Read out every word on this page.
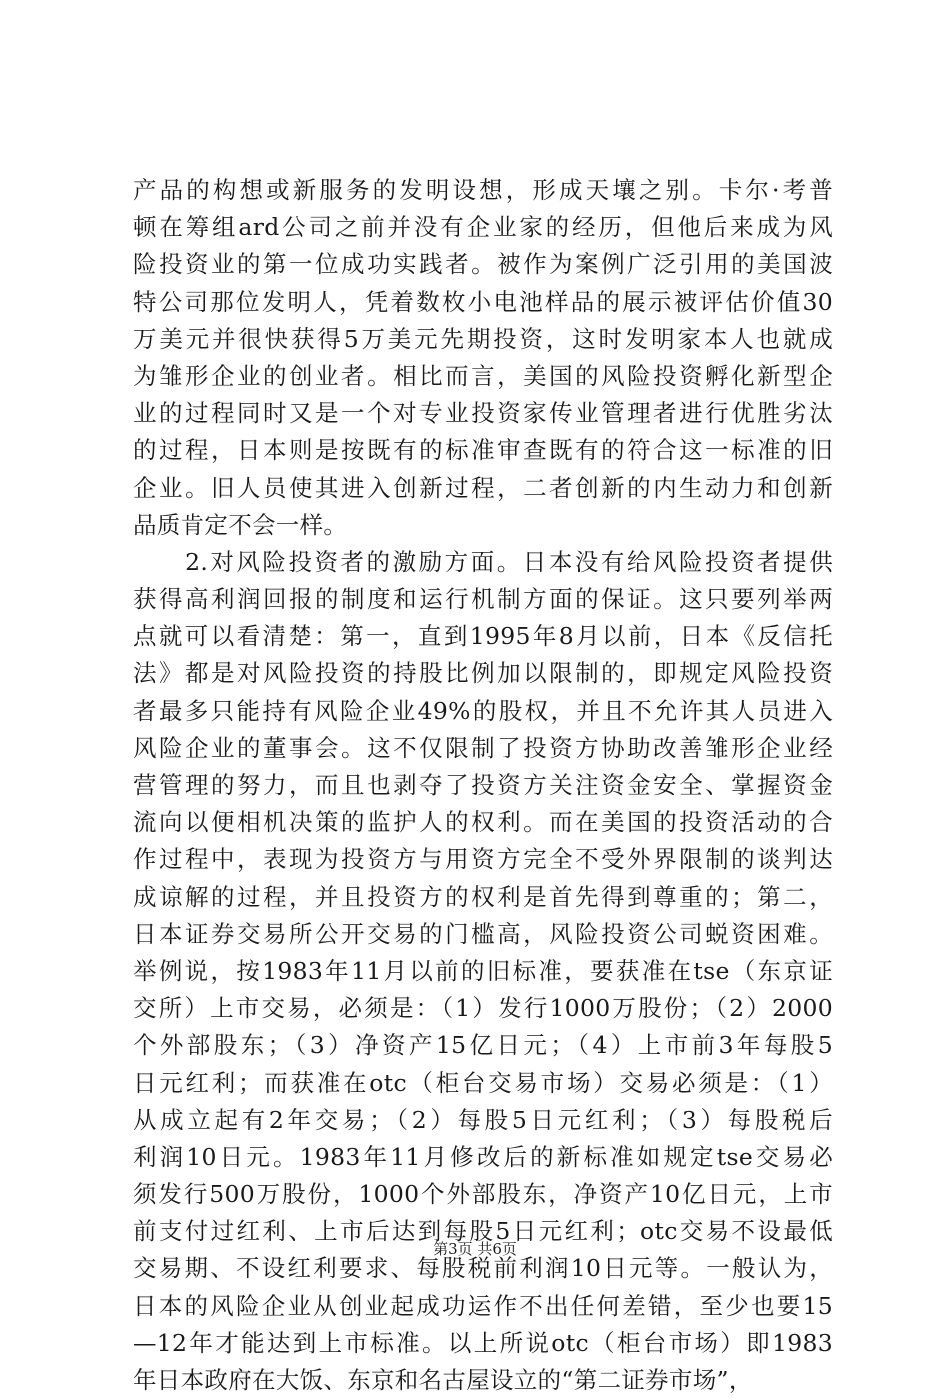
产品的构想或新服务的发明设想，形成天壤之别。卡尔·考普
顿在筹组ard公司之前并没有企业家的经历，但他后来成为风
险投资业的第一位成功实践者。被作为案例广泛引用的美国波
特公司那位发明人，凭着数枚小电池样品的展示被评估价值30
万美元并很快获得5万美元先期投资，这时发明家本人也就成
为雏形企业的创业者。相比而言，美国的风险投资孵化新型企
业的过程同时又是一个对专业投资家传业管理者进行优胜劣汰
的过程，日本则是按既有的标准审查既有的符合这一标准的旧
企业。旧人员使其进入创新过程，二者创新的内生动力和创新
品质肯定不会一样。
　　2.对风险投资者的激励方面。日本没有给风险投资者提供
获得高利润回报的制度和运行机制方面的保证。这只要列举两
点就可以看清楚：第一，直到1995年8月以前，日本《反信托
法》都是对风险投资的持股比例加以限制的，即规定风险投资
者最多只能持有风险企业49%的股权，并且不允许其人员进入
风险企业的董事会。这不仅限制了投资方协助改善雏形企业经
营管理的努力，而且也剥夺了投资方关注资金安全、掌握资金
流向以便相机决策的监护人的权利。而在美国的投资活动的合
作过程中，表现为投资方与用资方完全不受外界限制的谈判达
成谅解的过程，并且投资方的权利是首先得到尊重的；第二，
日本证券交易所公开交易的门槛高，风险投资公司蜕资困难。
举例说，按1983年11月以前的旧标准，要获准在tse（东京证
交所）上市交易，必须是：（1）发行1000万股份；（2）2000
个外部股东；（3）净资产15亿日元；（4）上市前3年每股5
日元红利；而获准在otc（柜台交易市场）交易必须是：（1）
从成立起有2年交易；（2）每股5日元红利；（3）每股税后
利润10日元。1983年11月修改后的新标准如规定tse交易必
须发行500万股份，1000个外部股东，净资产10亿日元，上市
前支付过红利、上市后达到每股5日元红利；otc交易不设最低
交易期、不设红利要求、每股税前利润10日元等。一般认为，
日本的风险企业从创业起成功运作不出任何差错，至少也要15
—12年才能达到上市标准。以上所说otc（柜台市场）即1983
年日本政府在大饭、东京和名古屋设立的“第二证券市场”，
第3页 共6页
